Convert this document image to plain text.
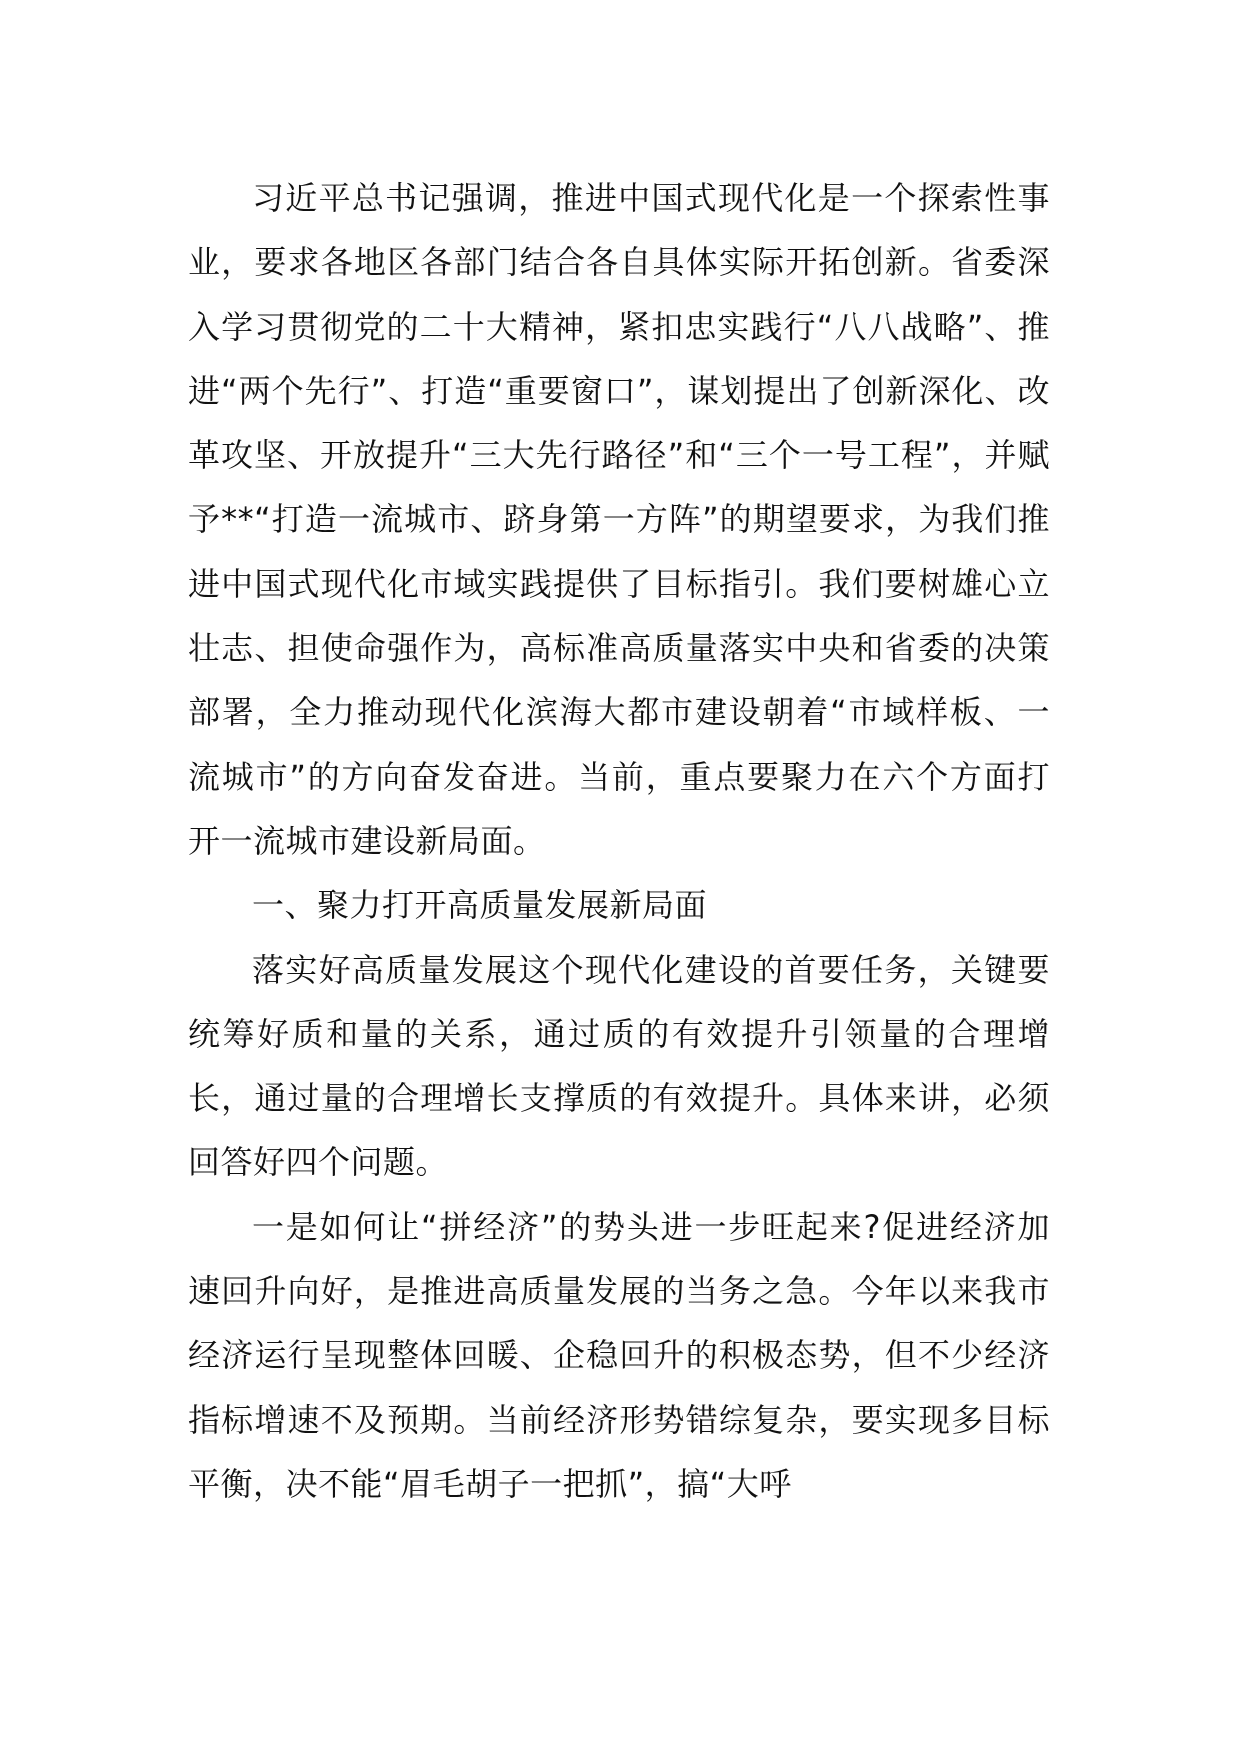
习近平总书记强调，推进中国式现代化是一个探索性事业，要求各地区各部门结合各自具体实际开拓创新。省委深入学习贯彻党的二十大精神，紧扣忠实践行“八八战略”、推进“两个先行”、打造“重要窗口”，谋划提出了创新深化、改革攻坚、开放提升“三大先行路径”和“三个一号工程”，并赋予**“打造一流城市、跻身第一方阵”的期望要求，为我们推进中国式现代化市域实践提供了目标指引。我们要树雄心立壮志、担使命强作为，高标准高质量落实中央和省委的决策部署，全力推动现代化滨海大都市建设朝着“市域样板、一流城市”的方向奋发奋进。当前，重点要聚力在六个方面打开一流城市建设新局面。

一、聚力打开高质量发展新局面

落实好高质量发展这个现代化建设的首要任务，关键要统筹好质和量的关系，通过质的有效提升引领量的合理增长，通过量的合理增长支撑质的有效提升。具体来讲，必须回答好四个问题。

一是如何让“拼经济”的势头进一步旺起来?促进经济加速回升向好，是推进高质量发展的当务之急。今年以来我市经济运行呈现整体回暖、企稳回升的积极态势，但不少经济指标增速不及预期。当前经济形势错综复杂，要实现多目标平衡，决不能“眉毛胡子一把抓”，搞“大呼
